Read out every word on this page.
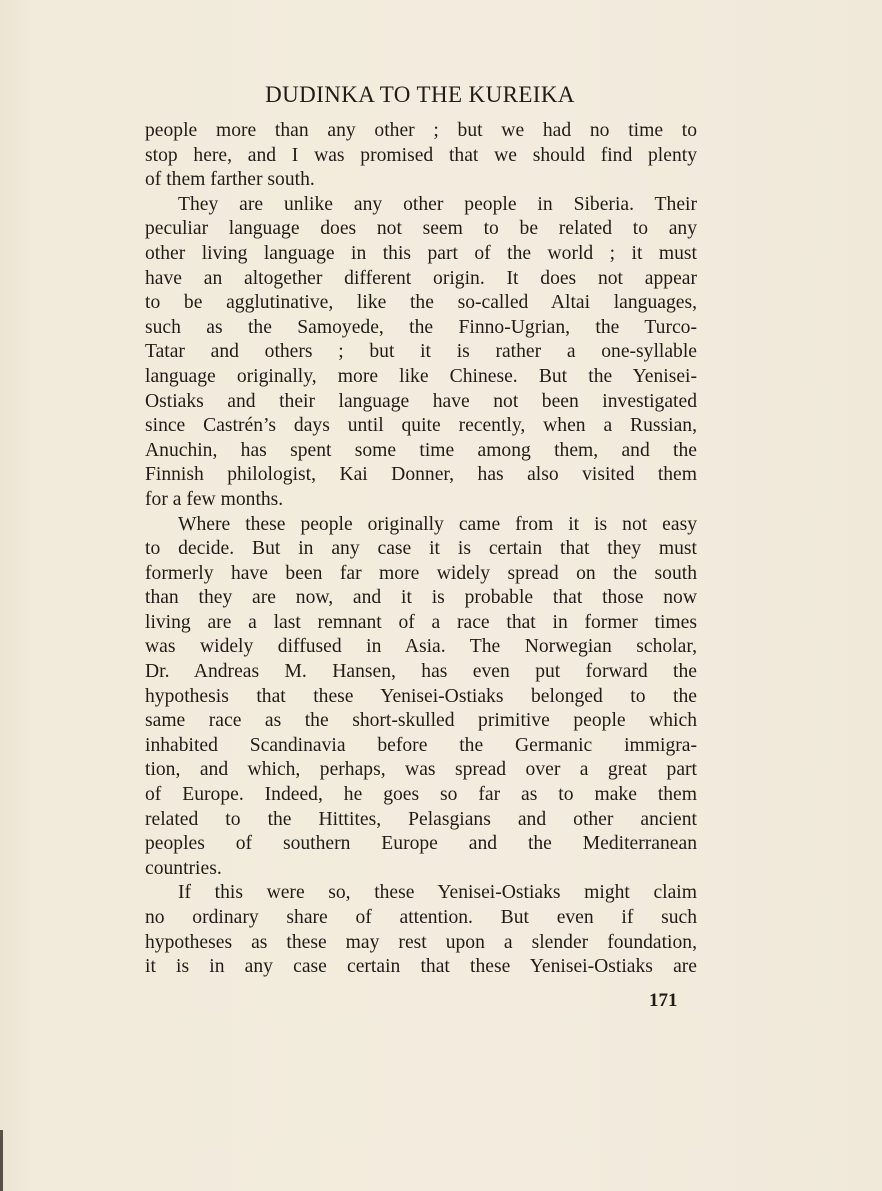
DUDINKA TO THE KUREIKA
people more than any other ; but we had no time to
stop here, and I was promised that we should find plenty
of them farther south.
They are unlike any other people in Siberia. Their
peculiar language does not seem to be related to any
other living language in this part of the world ; it must
have an altogether different origin. It does not appear
to be agglutinative, like the so-called Altai languages,
such as the Samoyede, the Finno-Ugrian, the Turco-
Tatar and others ; but it is rather a one-syllable
language originally, more like Chinese. But the Yenisei-
Ostiaks and their language have not been investigated
since Castrén’s days until quite recently, when a Russian,
Anuchin, has spent some time among them, and the
Finnish philologist, Kai Donner, has also visited them
for a few months.
Where these people originally came from it is not easy
to decide. But in any case it is certain that they must
formerly have been far more widely spread on the south
than they are now, and it is probable that those now
living are a last remnant of a race that in former times
was widely diffused in Asia. The Norwegian scholar,
Dr. Andreas M. Hansen, has even put forward the
hypothesis that these Yenisei-Ostiaks belonged to the
same race as the short-skulled primitive people which
inhabited Scandinavia before the Germanic immigra-
tion, and which, perhaps, was spread over a great part
of Europe. Indeed, he goes so far as to make them
related to the Hittites, Pelasgians and other ancient
peoples of southern Europe and the Mediterranean
countries.
If this were so, these Yenisei-Ostiaks might claim
no ordinary share of attention. But even if such
hypotheses as these may rest upon a slender foundation,
it is in any case certain that these Yenisei-Ostiaks are
171
